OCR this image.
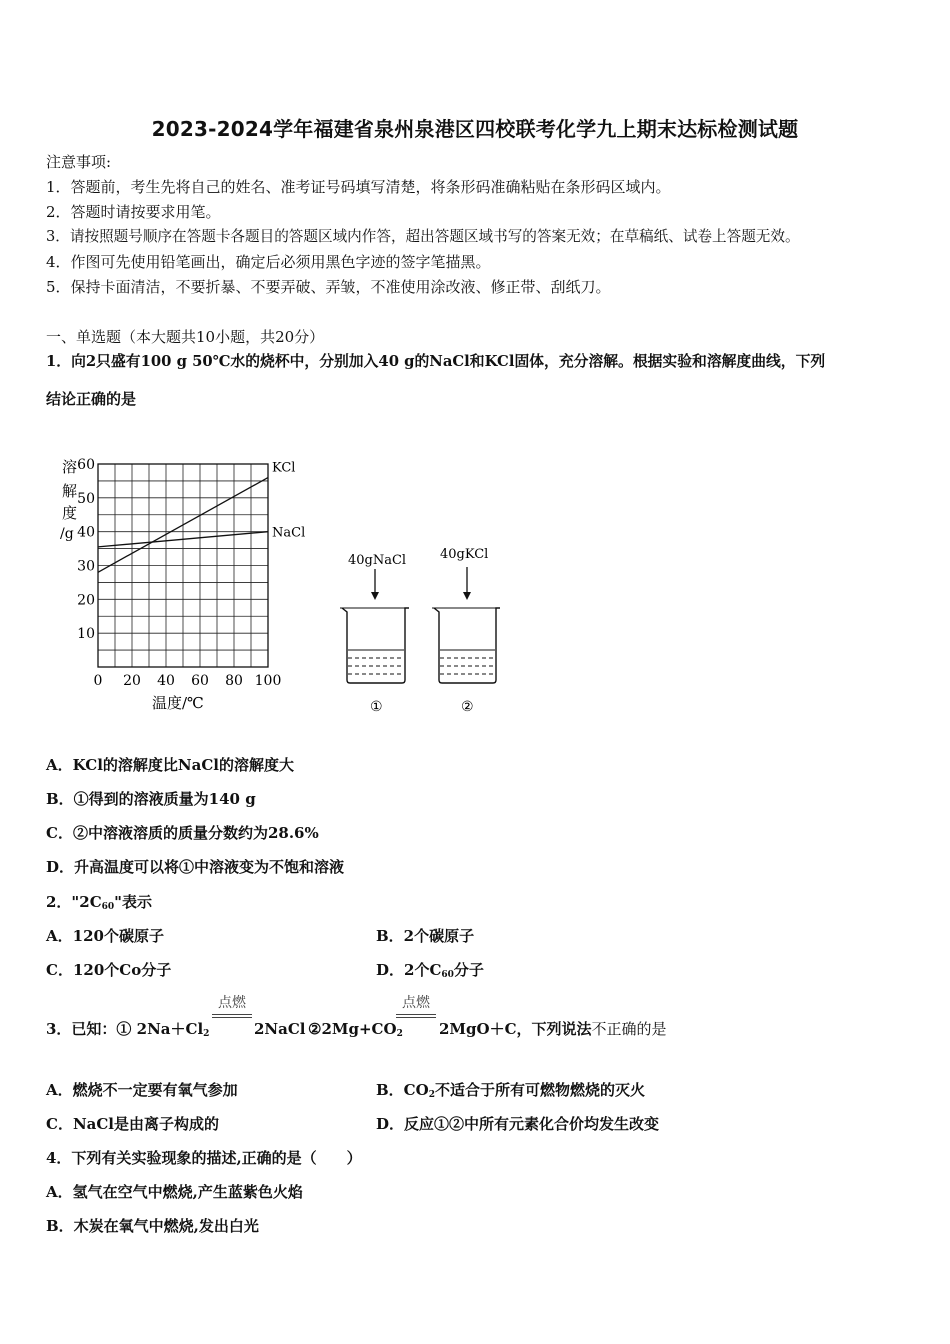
2023-2024学年福建省泉州泉港区四校联考化学九上期末达标检测试题
注意事项:
1．答题前，考生先将自己的姓名、准考证号码填写清楚，将条形码准确粘贴在条形码区域内。
2．答题时请按要求用笔。
3．请按照题号顺序在答题卡各题目的答题区域内作答，超出答题区域书写的答案无效；在草稿纸、试卷上答题无效。
4．作图可先使用铅笔画出，确定后必须用黑色字迹的签字笔描黑。
5．保持卡面清洁，不要折暴、不要弄破、弄皱，不准使用涂改液、修正带、刮纸刀。
一、单选题（本大题共10小题，共20分）
1．向2只盛有100 g 50℃水的烧杯中，分别加入40 g的NaCl和KCl固体，充分溶解。根据实验和溶解度曲线，下列
结论正确的是
KCl
NaCl
0 20 40 60 80 100
10
20
30
40
50
60
溶
解
度
/g
温度/℃
40gNaCl
①
40gKCl
②
A．KCl的溶解度比NaCl的溶解度大
B．①得到的溶液质量为140 g
C．②中溶液溶质的质量分数约为28.6%
D．升高温度可以将①中溶液变为不饱和溶液
2．"$2C_{60}$"表示
A．120个碳原子	B．2个碳原子
C．120个Co分子	D．2个$C_{60}$分子
3．已知：① $2Na+Cl_2$
点燃
2NaCl $②2Mg+CO_2$
点燃
2MgO＋C，下列说法不正确的是
A．燃烧不一定要有氧气参加	B．$CO_2$不适合于所有可燃物燃烧的灭火
C．NaCl是由离子构成的	D．反应①②中所有元素化合价均发生改变
4．下列有关实验现象的描述,正确的是（　　）
A．氢气在空气中燃烧,产生蓝紫色火焰
B．木炭在氧气中燃烧,发出白光
